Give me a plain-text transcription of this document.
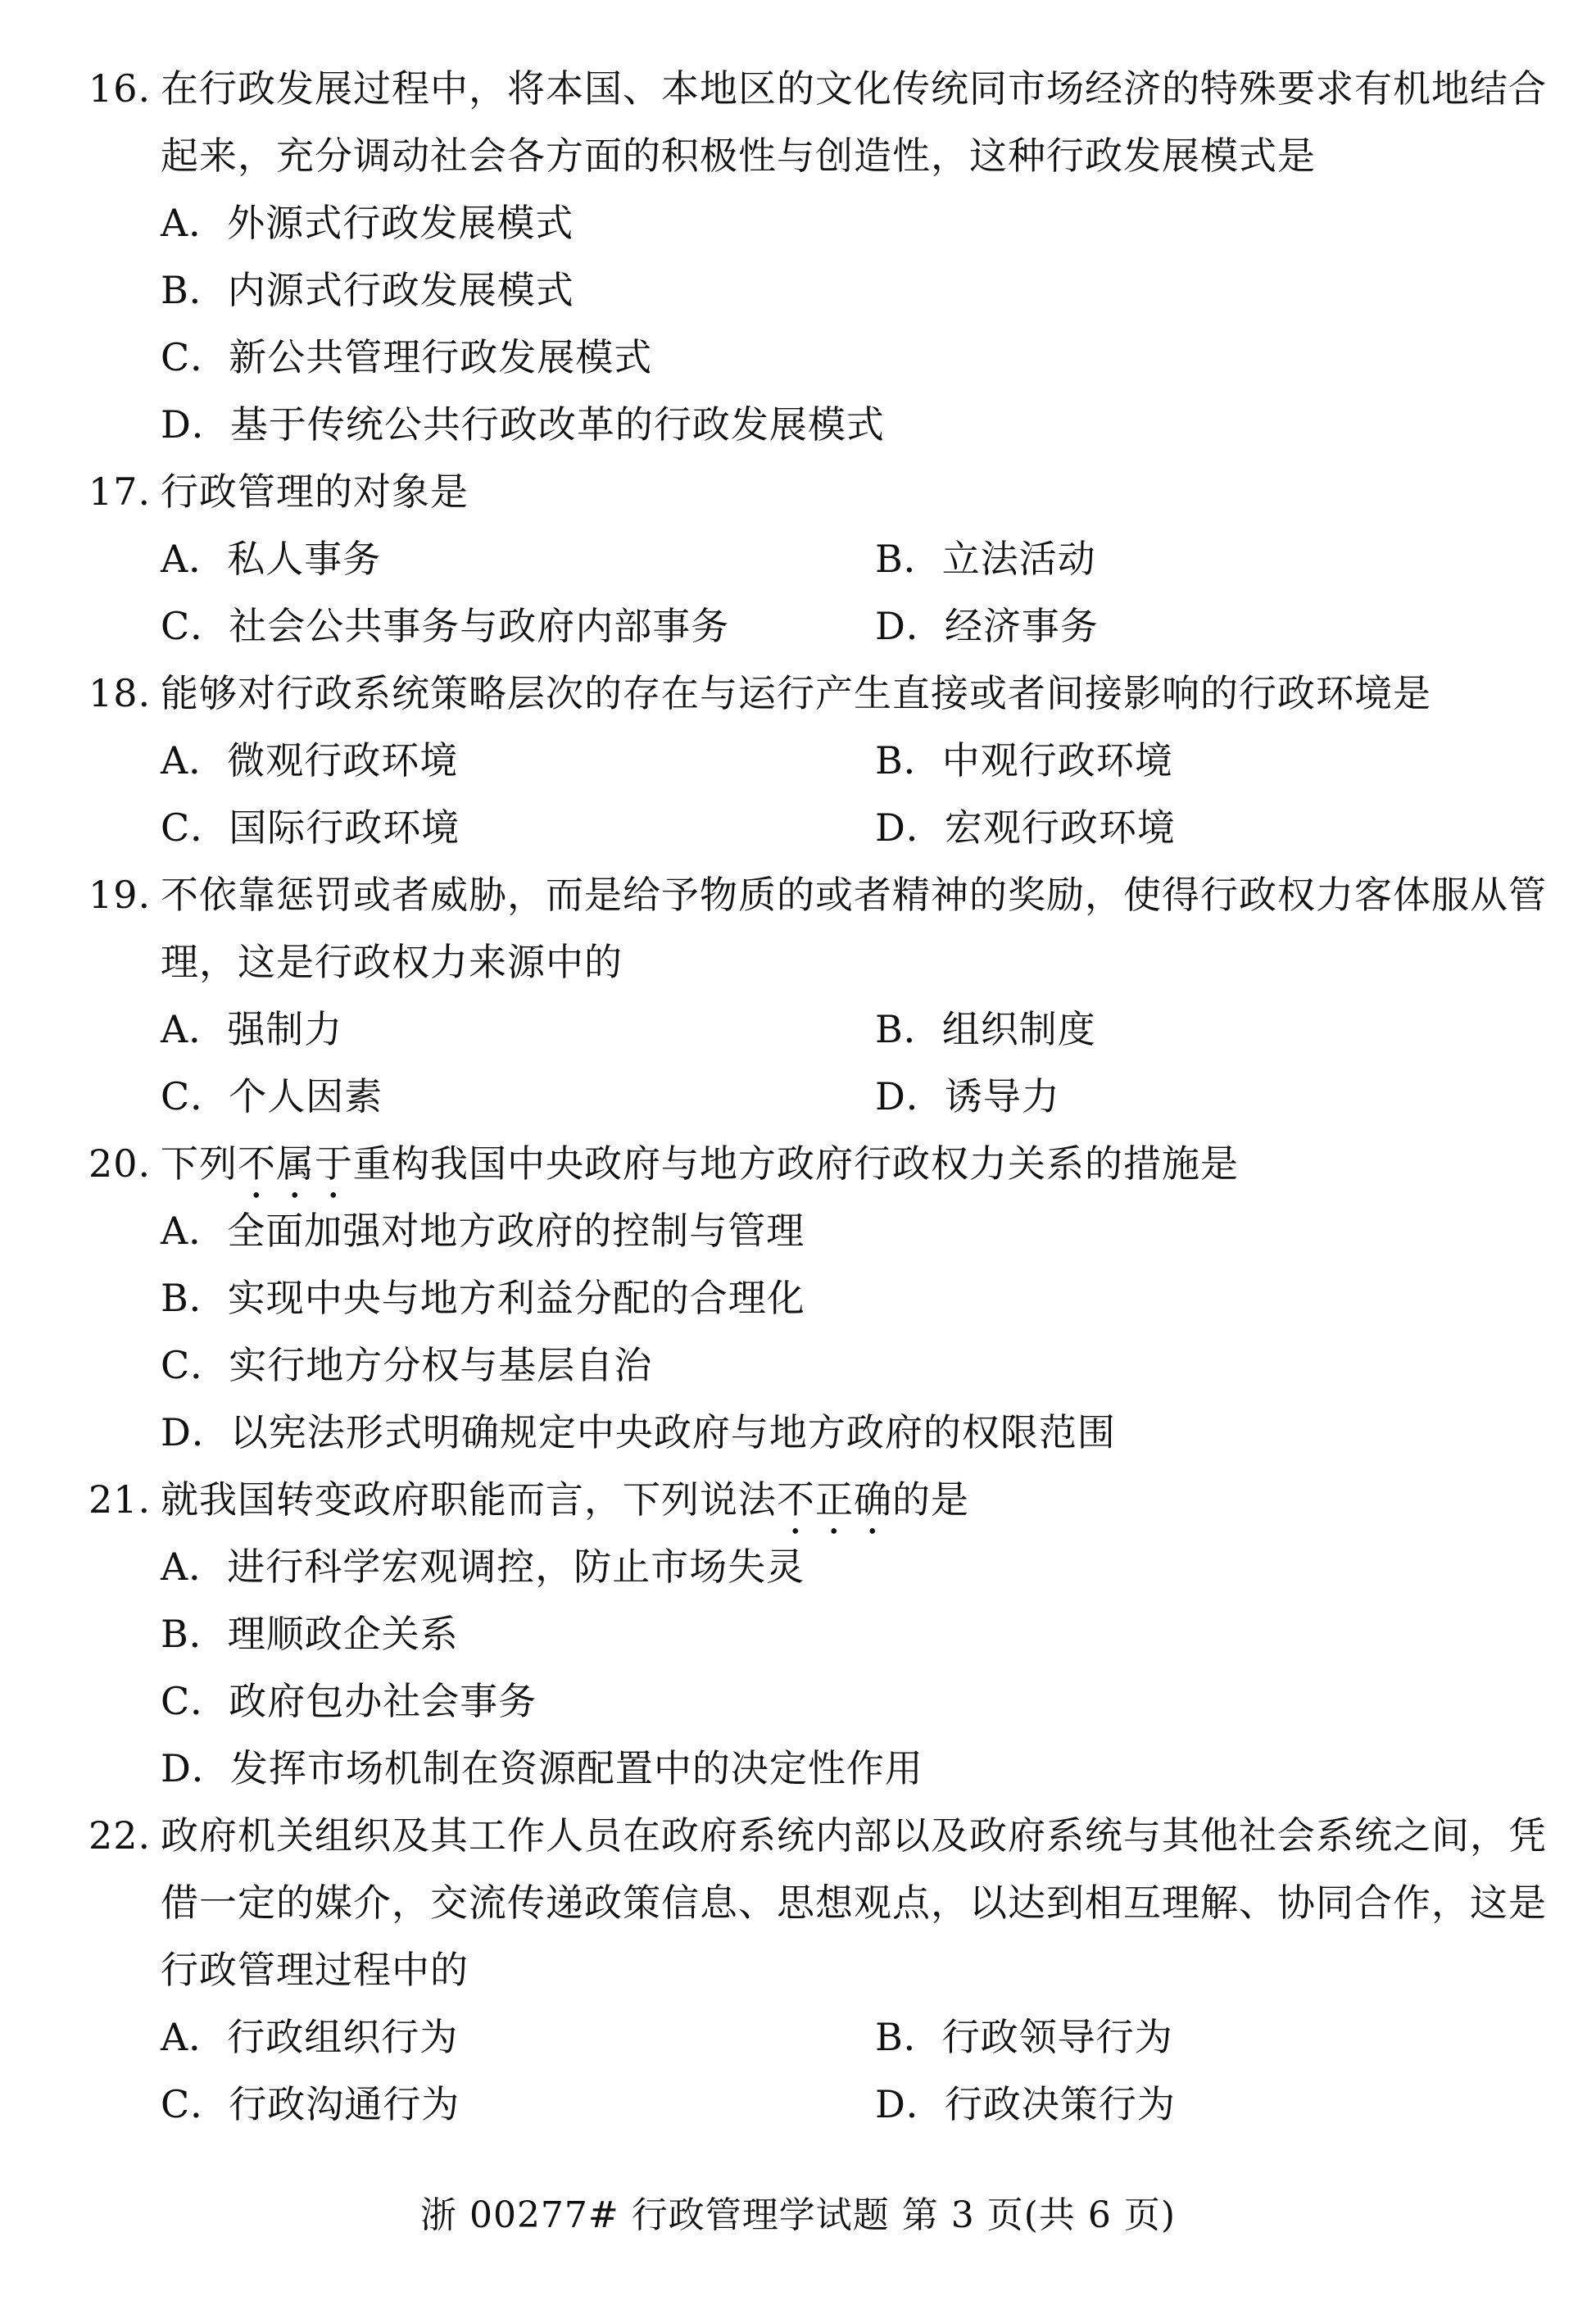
16. 在行政发展过程中，将本国、本地区的文化传统同市场经济的特殊要求有机地结合
起来，充分调动社会各方面的积极性与创造性，这种行政发展模式是
A．外源式行政发展模式
B．内源式行政发展模式
C．新公共管理行政发展模式
D．基于传统公共行政改革的行政发展模式
17. 行政管理的对象是
A．私人事务	B．立法活动
C．社会公共事务与政府内部事务	D．经济事务
18. 能够对行政系统策略层次的存在与运行产生直接或者间接影响的行政环境是
A．微观行政环境	B．中观行政环境
C．国际行政环境	D．宏观行政环境
19. 不依靠惩罚或者威胁，而是给予物质的或者精神的奖励，使得行政权力客体服从管
理，这是行政权力来源中的
A．强制力	B．组织制度
C．个人因素	D．诱导力
20. 下列不属于重构我国中央政府与地方政府行政权力关系的措施是
A．全面加强对地方政府的控制与管理
B．实现中央与地方利益分配的合理化
C．实行地方分权与基层自治
D．以宪法形式明确规定中央政府与地方政府的权限范围
21. 就我国转变政府职能而言，下列说法不正确的是
A．进行科学宏观调控，防止市场失灵
B．理顺政企关系
C．政府包办社会事务
D．发挥市场机制在资源配置中的决定性作用
22. 政府机关组织及其工作人员在政府系统内部以及政府系统与其他社会系统之间，凭
借一定的媒介，交流传递政策信息、思想观点，以达到相互理解、协同合作，这是
行政管理过程中的
A．行政组织行为	B．行政领导行为
C．行政沟通行为	D．行政决策行为
浙 00277# 行政管理学试题 第 3 页(共 6 页)
